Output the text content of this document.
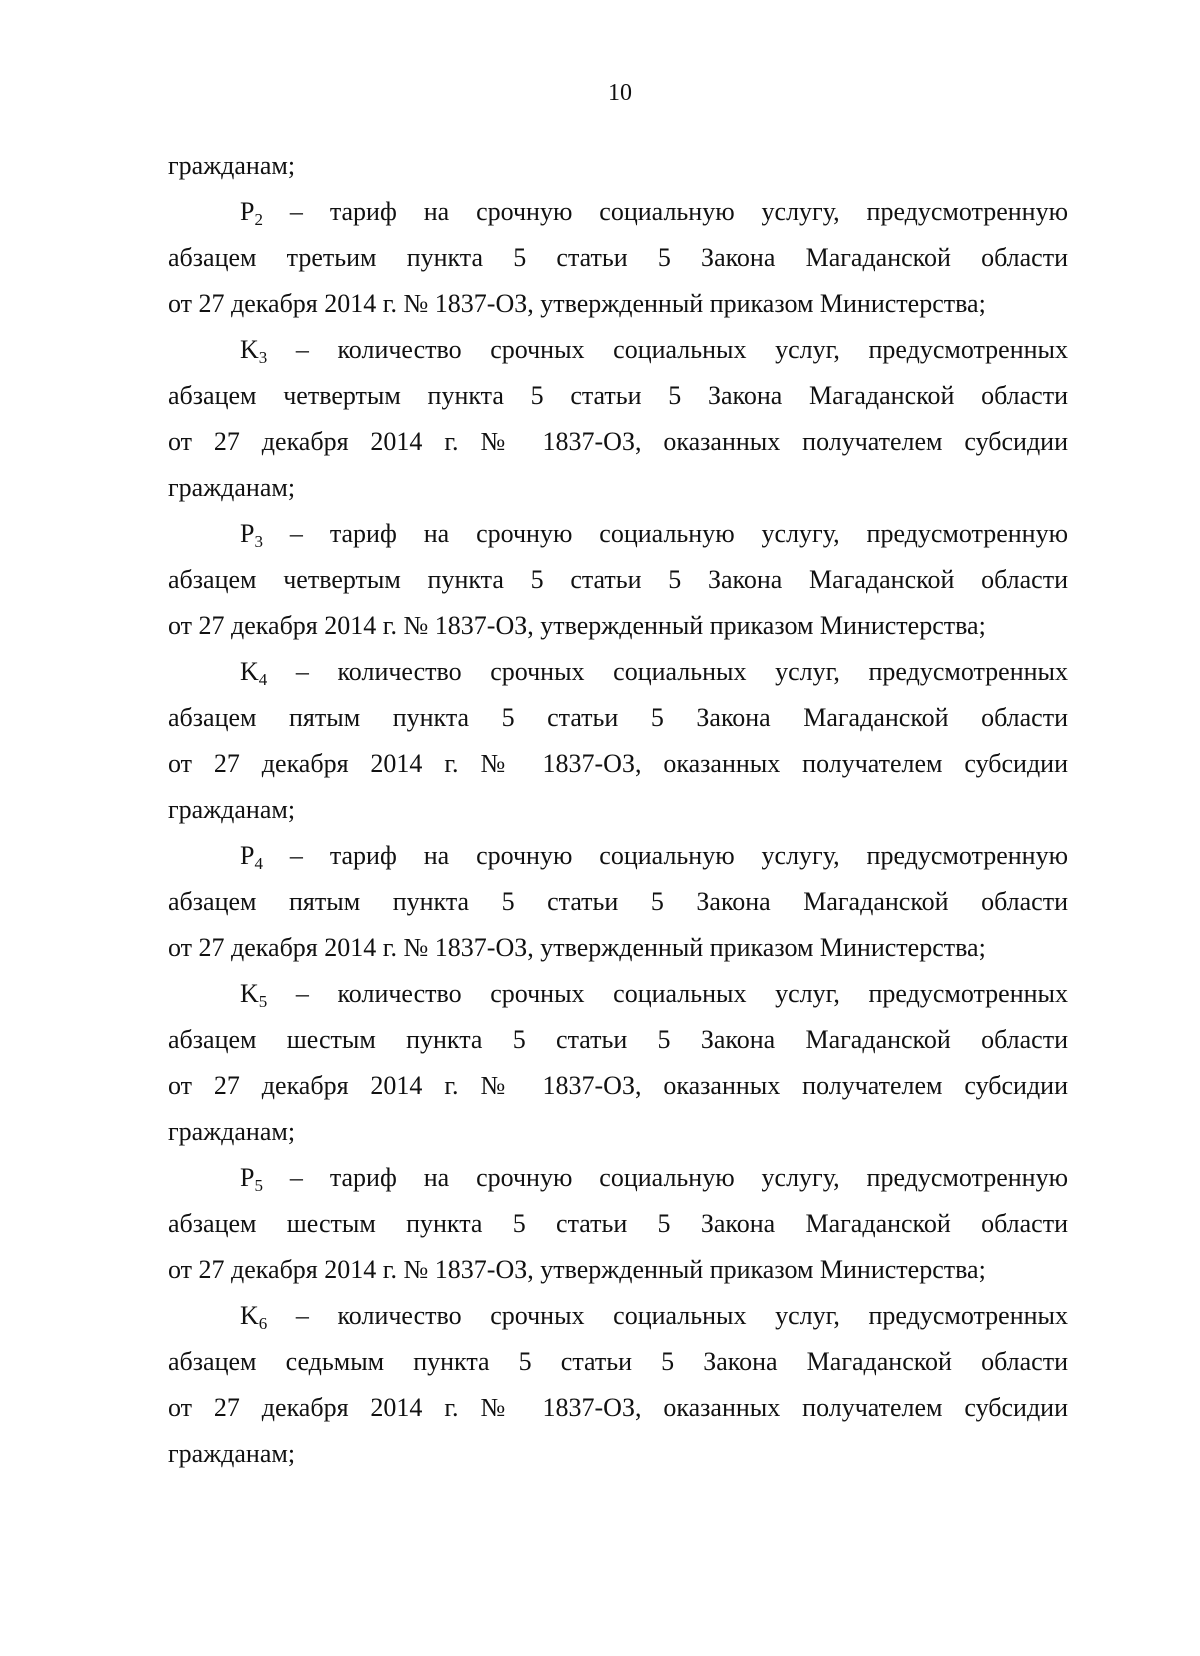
10
гражданам;
$P_2$ – тариф на срочную социальную услугу, предусмотренную
абзацем третьим пункта 5 статьи 5 Закона Магаданской области
от 27 декабря 2014 г. № 1837-ОЗ, утвержденный приказом Министерства;
$K_3$ – количество срочных социальных услуг, предусмотренных
абзацем четвертым пункта 5 статьи 5 Закона Магаданской области
от 27 декабря 2014 г. № 1837-ОЗ, оказанных получателем субсидии
гражданам;
$P_3$ – тариф на срочную социальную услугу, предусмотренную
абзацем четвертым пункта 5 статьи 5 Закона Магаданской области
от 27 декабря 2014 г. № 1837-ОЗ, утвержденный приказом Министерства;
$K_4$ – количество срочных социальных услуг, предусмотренных
абзацем пятым пункта 5 статьи 5 Закона Магаданской области
от 27 декабря 2014 г. № 1837-ОЗ, оказанных получателем субсидии
гражданам;
$P_4$ – тариф на срочную социальную услугу, предусмотренную
абзацем пятым пункта 5 статьи 5 Закона Магаданской области
от 27 декабря 2014 г. № 1837-ОЗ, утвержденный приказом Министерства;
$K_5$ – количество срочных социальных услуг, предусмотренных
абзацем шестым пункта 5 статьи 5 Закона Магаданской области
от 27 декабря 2014 г. № 1837-ОЗ, оказанных получателем субсидии
гражданам;
$P_5$ – тариф на срочную социальную услугу, предусмотренную
абзацем шестым пункта 5 статьи 5 Закона Магаданской области
от 27 декабря 2014 г. № 1837-ОЗ, утвержденный приказом Министерства;
$K_6$ – количество срочных социальных услуг, предусмотренных
абзацем седьмым пункта 5 статьи 5 Закона Магаданской области
от 27 декабря 2014 г. № 1837-ОЗ, оказанных получателем субсидии
гражданам;
